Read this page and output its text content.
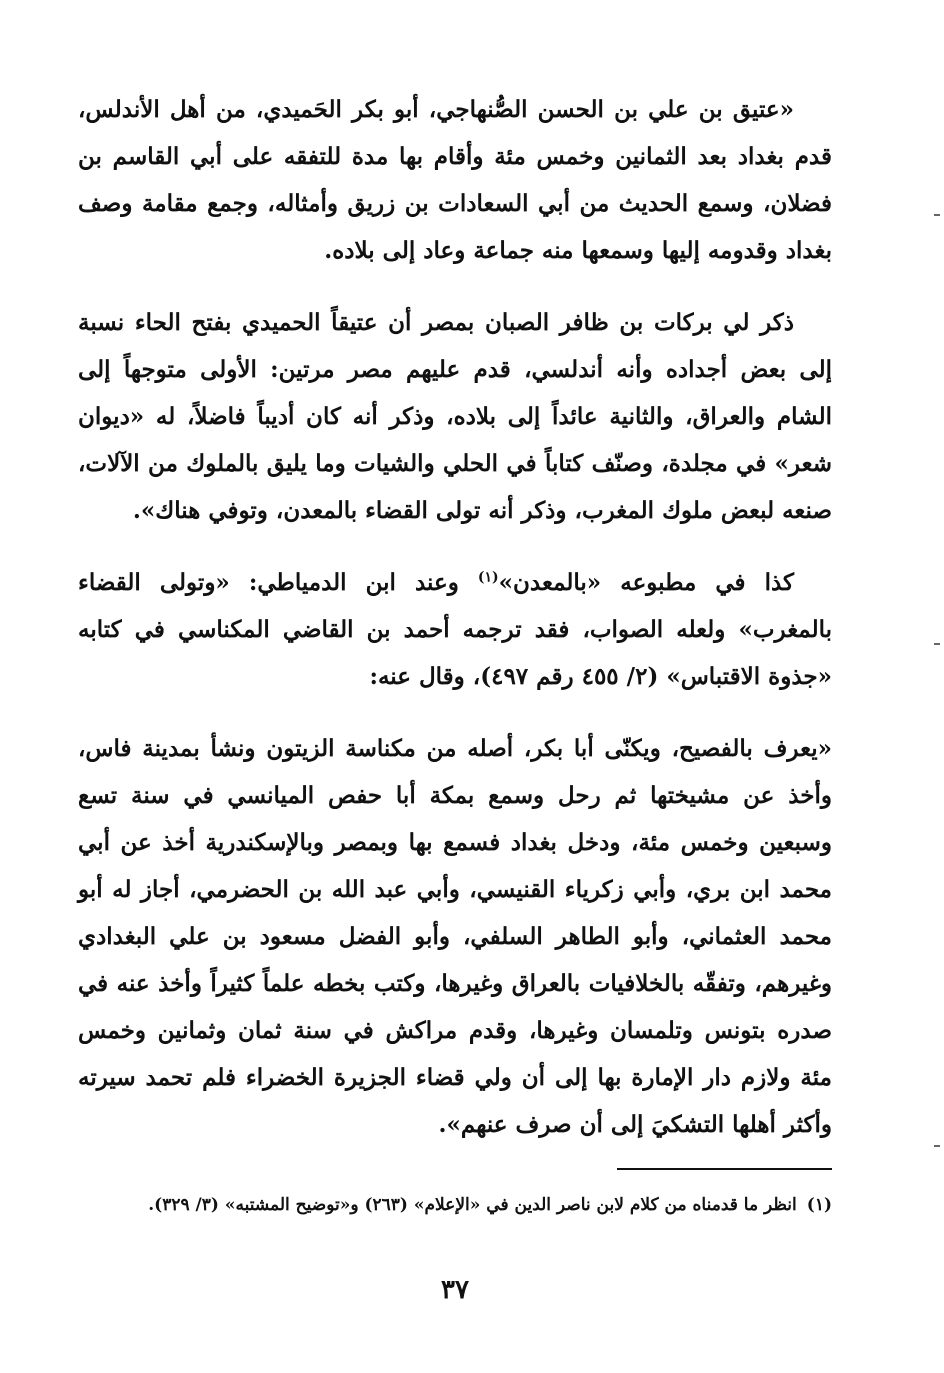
«عتيق بن علي بن الحسن الصُّنهاجي، أبو بكر الحَميدي، من أهل الأندلس، قدم بغداد بعد الثمانين وخمس مئة وأقام بها مدة للتفقه على أبي القاسم بن فضلان، وسمع الحديث من أبي السعادات بن زريق وأمثاله، وجمع مقامة وصف بغداد وقدومه إليها وسمعها منه جماعة وعاد إلى بلاده.

ذكر لي بركات بن ظافر الصبان بمصر أن عتيقاً الحميدي بفتح الحاء نسبة إلى بعض أجداده وأنه أندلسي، قدم عليهم مصر مرتين: الأولى متوجهاً إلى الشام والعراق، والثانية عائداً إلى بلاده، وذكر أنه كان أديباً فاضلاً، له «ديوان شعر» في مجلدة، وصنّف كتاباً في الحلي والشيات وما يليق بالملوك من الآلات، صنعه لبعض ملوك المغرب، وذكر أنه تولى القضاء بالمعدن، وتوفي هناك».

كذا في مطبوعه «بالمعدن»$^{(١)}$ وعند ابن الدمياطي: «وتولى القضاء بالمغرب» ولعله الصواب، فقد ترجمه أحمد بن القاضي المكناسي في كتابه «جذوة الاقتباس» (٢/ ٤٥٥ رقم ٤٩٧)، وقال عنه:

«يعرف بالفصيح، ويكنّى أبا بكر، أصله من مكناسة الزيتون ونشأ بمدينة فاس، وأخذ عن مشيختها ثم رحل وسمع بمكة أبا حفص الميانسي في سنة تسع وسبعين وخمس مئة، ودخل بغداد فسمع بها وبمصر وبالإسكندرية أخذ عن أبي محمد ابن بري، وأبي زكرياء القنيسي، وأبي عبد الله بن الحضرمي، أجاز له أبو محمد العثماني، وأبو الطاهر السلفي، وأبو الفضل مسعود بن علي البغدادي وغيرهم، وتفقّه بالخلافيات بالعراق وغيرها، وكتب بخطه علماً كثيراً وأخذ عنه في صدره بتونس وتلمسان وغيرها، وقدم مراكش في سنة ثمان وثمانين وخمس مئة ولازم دار الإمارة بها إلى أن ولي قضاء الجزيرة الخضراء فلم تحمد سيرته وأكثر أهلها التشكيَ إلى أن صرف عنهم».

(١)انظر ما قدمناه من كلام لابن ناصر الدين في «الإعلام» (٢٦٣) و«توضيح المشتبه» (٣/ ٣٢٩).
٣٧
